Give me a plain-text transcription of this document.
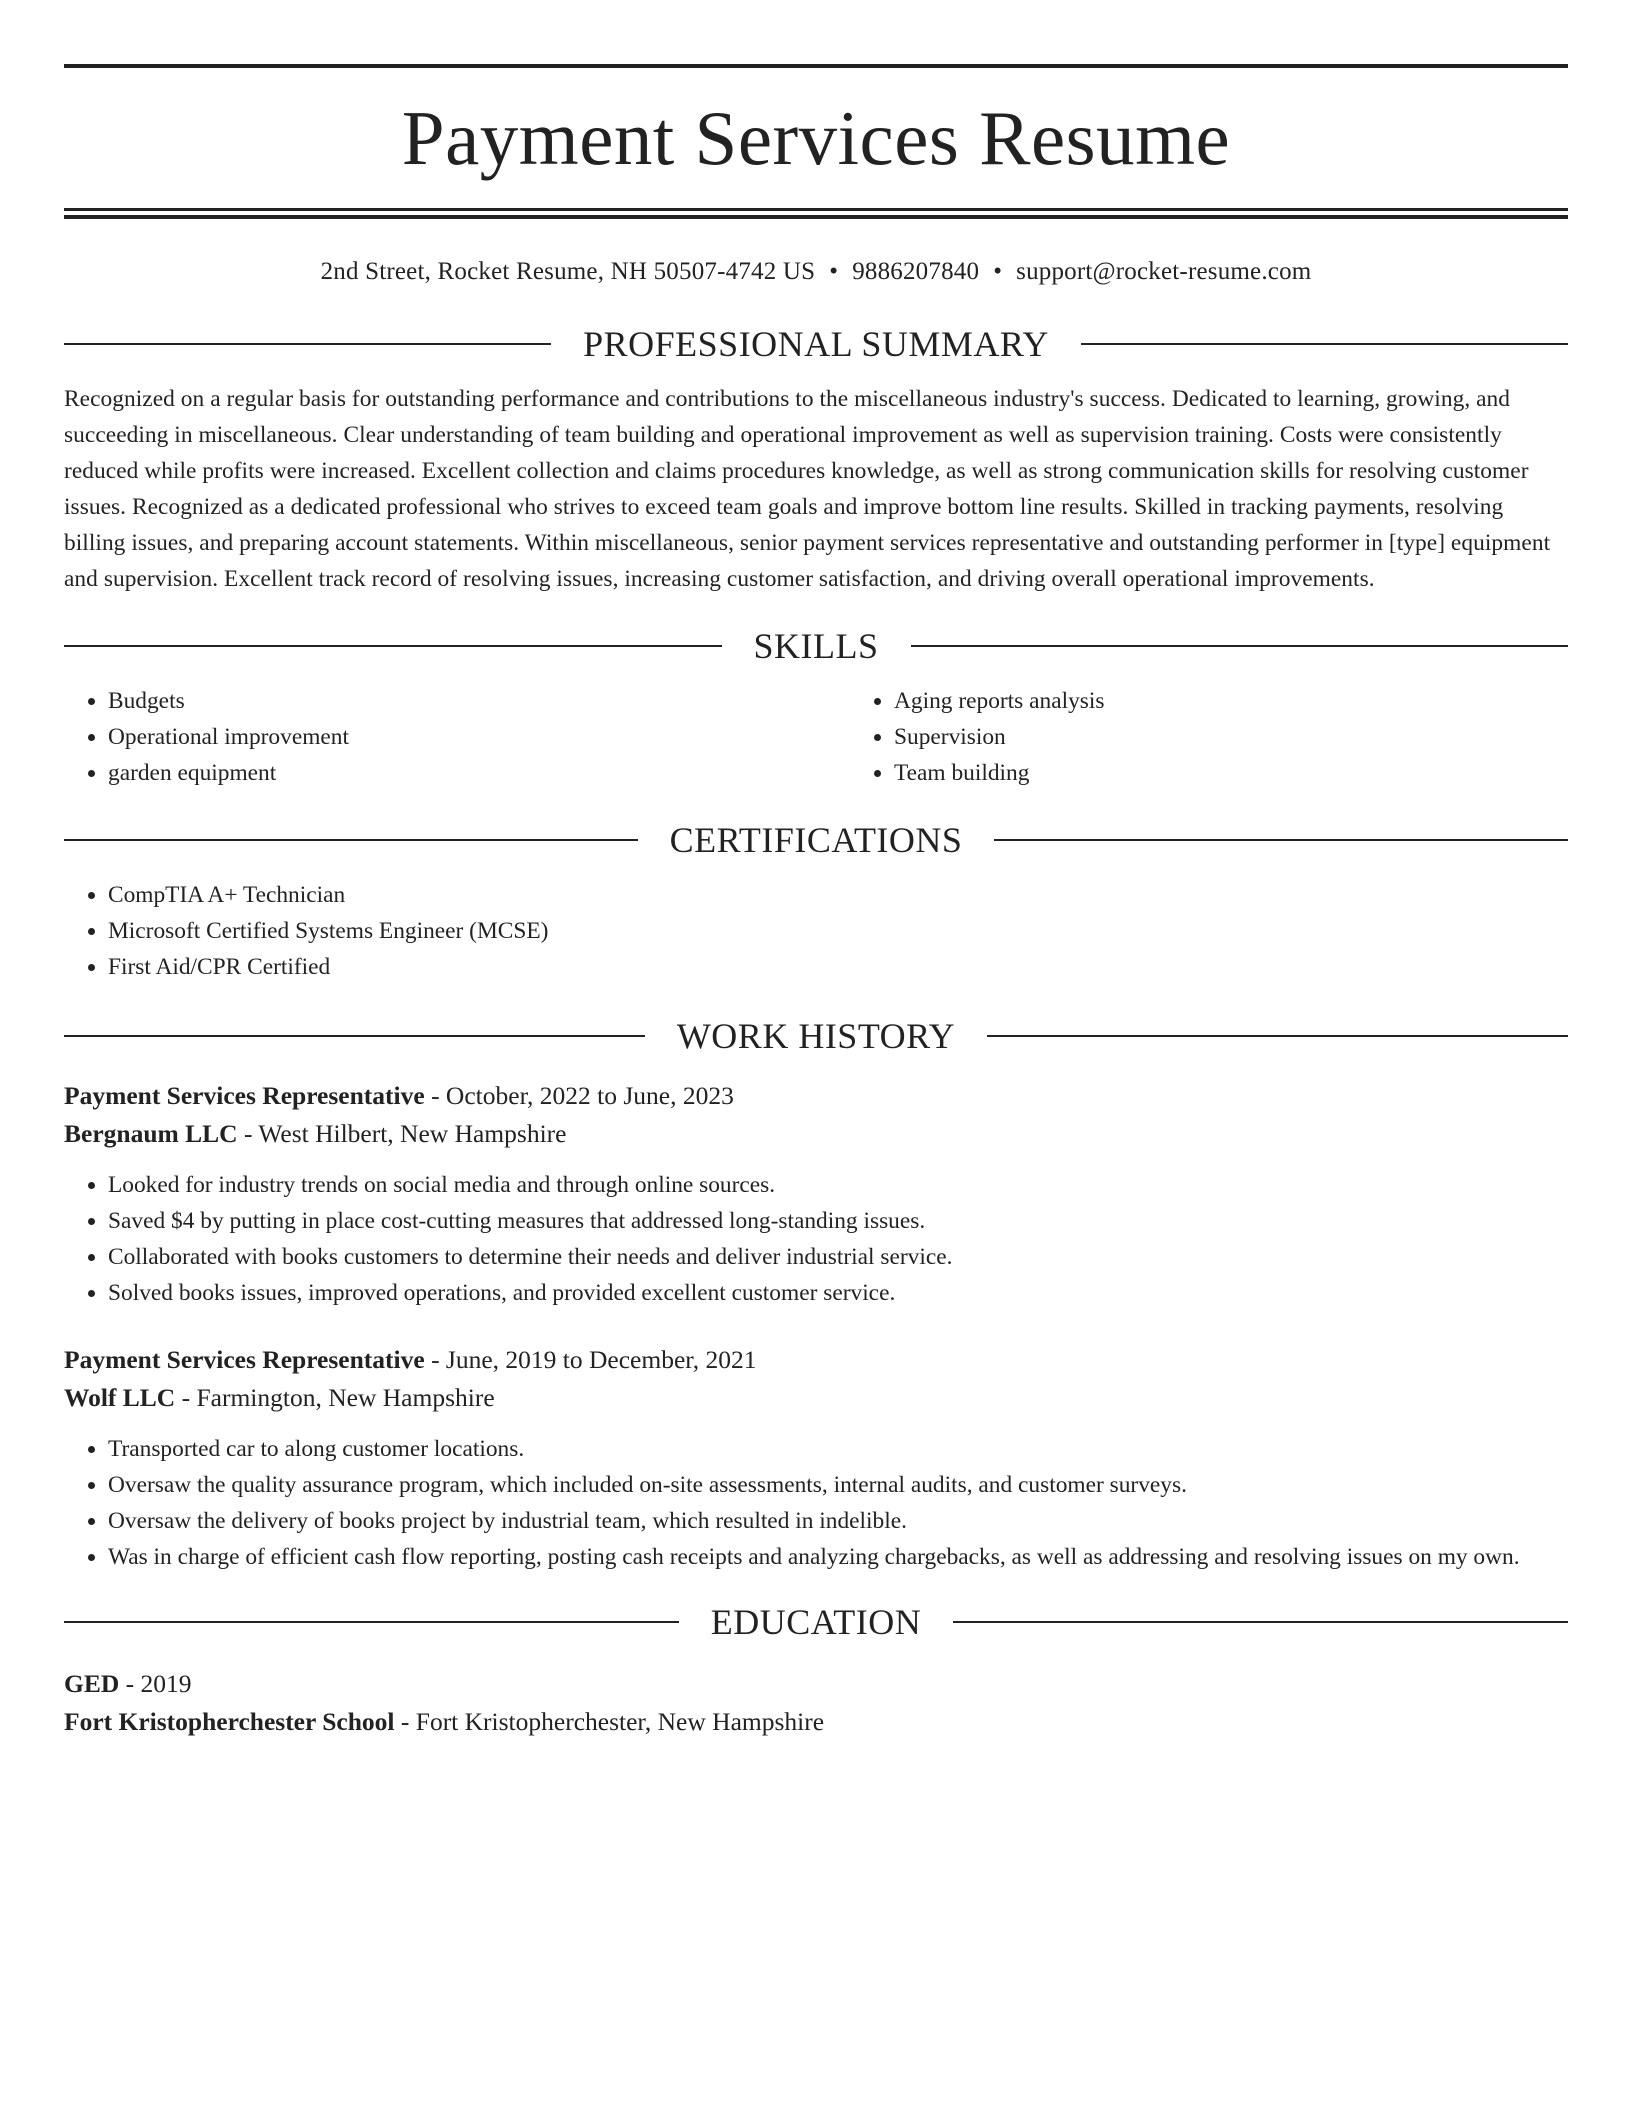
Payment Services Resume
2nd Street, Rocket Resume, NH 50507-4742 US • 9886207840 • support@rocket-resume.com
PROFESSIONAL SUMMARY
Recognized on a regular basis for outstanding performance and contributions to the miscellaneous industry's success. Dedicated to learning, growing, and succeeding in miscellaneous. Clear understanding of team building and operational improvement as well as supervision training. Costs were consistently reduced while profits were increased. Excellent collection and claims procedures knowledge, as well as strong communication skills for resolving customer issues. Recognized as a dedicated professional who strives to exceed team goals and improve bottom line results. Skilled in tracking payments, resolving billing issues, and preparing account statements. Within miscellaneous, senior payment services representative and outstanding performer in [type] equipment and supervision. Excellent track record of resolving issues, increasing customer satisfaction, and driving overall operational improvements.
SKILLS
• Budgets
• Operational improvement
• garden equipment
• Aging reports analysis
• Supervision
• Team building
CERTIFICATIONS
• CompTIA A+ Technician
• Microsoft Certified Systems Engineer (MCSE)
• First Aid/CPR Certified
WORK HISTORY
Payment Services Representative - October, 2022 to June, 2023
Bergnaum LLC - West Hilbert, New Hampshire
• Looked for industry trends on social media and through online sources.
• Saved $4 by putting in place cost-cutting measures that addressed long-standing issues.
• Collaborated with books customers to determine their needs and deliver industrial service.
• Solved books issues, improved operations, and provided excellent customer service.
Payment Services Representative - June, 2019 to December, 2021
Wolf LLC - Farmington, New Hampshire
• Transported car to along customer locations.
• Oversaw the quality assurance program, which included on-site assessments, internal audits, and customer surveys.
• Oversaw the delivery of books project by industrial team, which resulted in indelible.
• Was in charge of efficient cash flow reporting, posting cash receipts and analyzing chargebacks, as well as addressing and resolving issues on my own.
EDUCATION
GED - 2019
Fort Kristopherchester School - Fort Kristopherchester, New Hampshire
